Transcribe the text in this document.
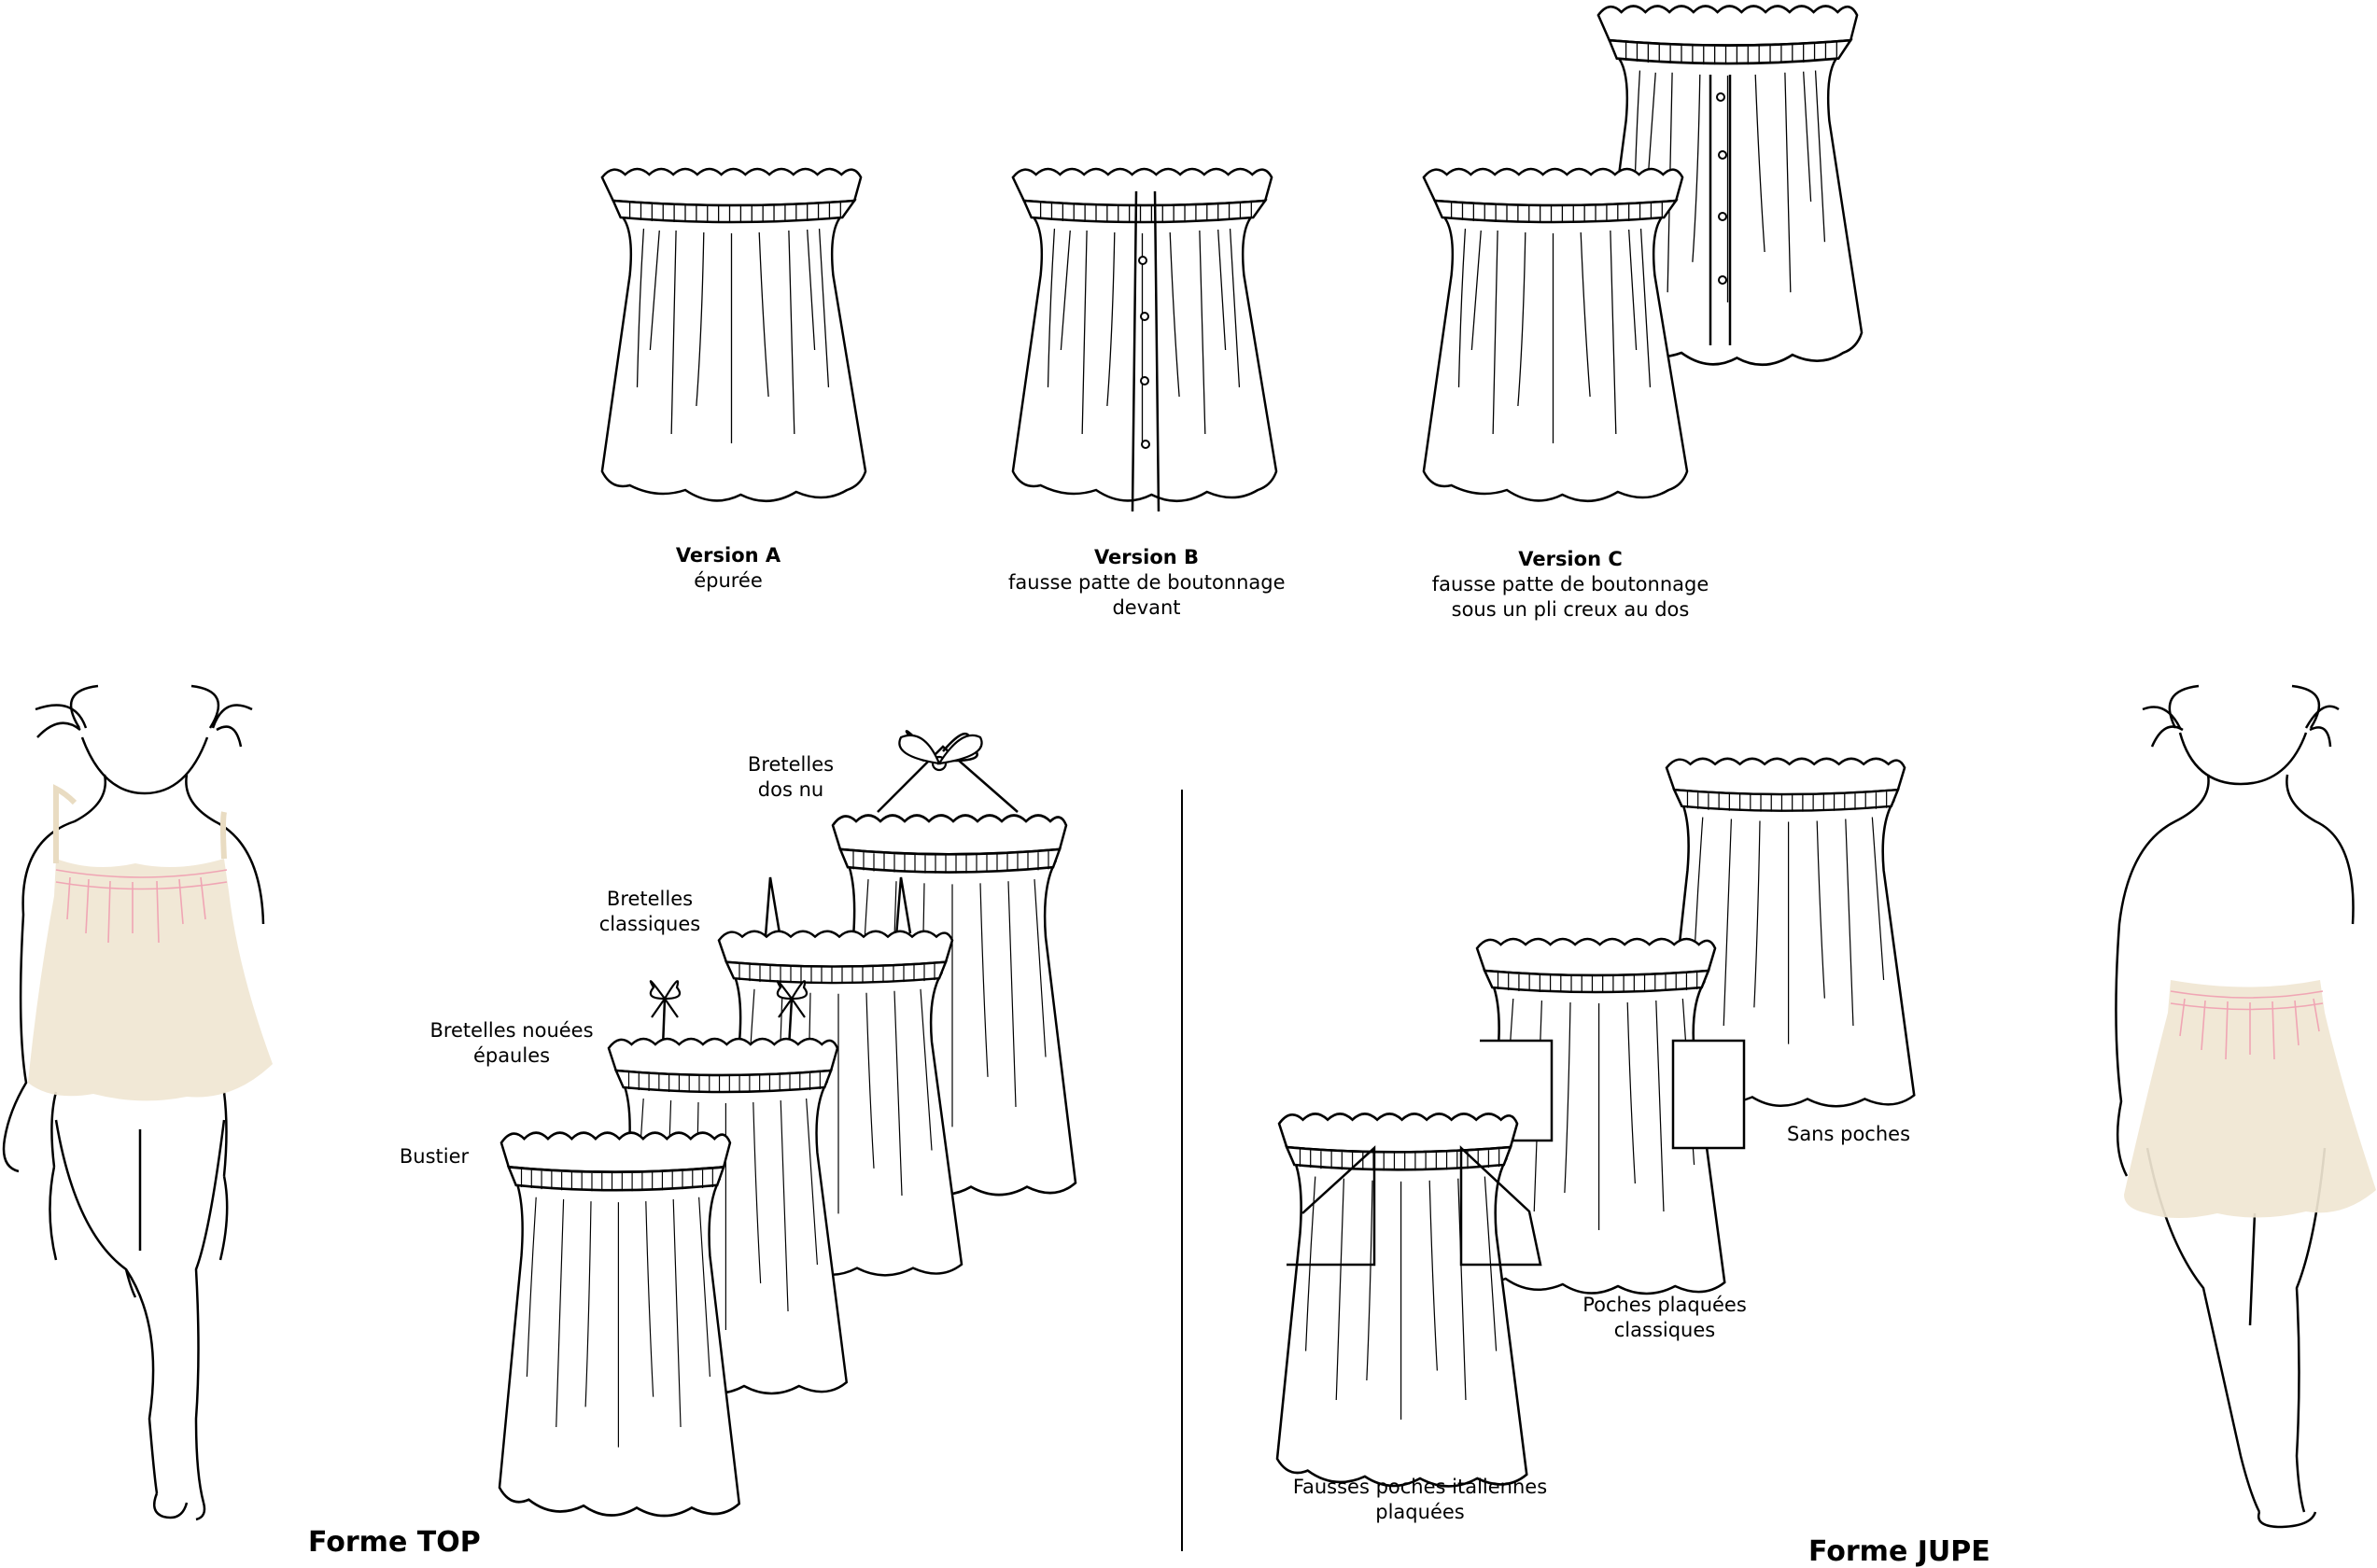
Version A
épurée
Version B
fausse patte de boutonnage
devant
Version C
fausse patte de boutonnage
sous un pli creux au dos
Bretelles
dos nu
Bretelles
classiques
Bretelles nouées
épaules
Bustier
Sans poches
Poches plaquées
classiques
Fausses poches italiennes
plaquées
Forme TOP	Forme JUPE
